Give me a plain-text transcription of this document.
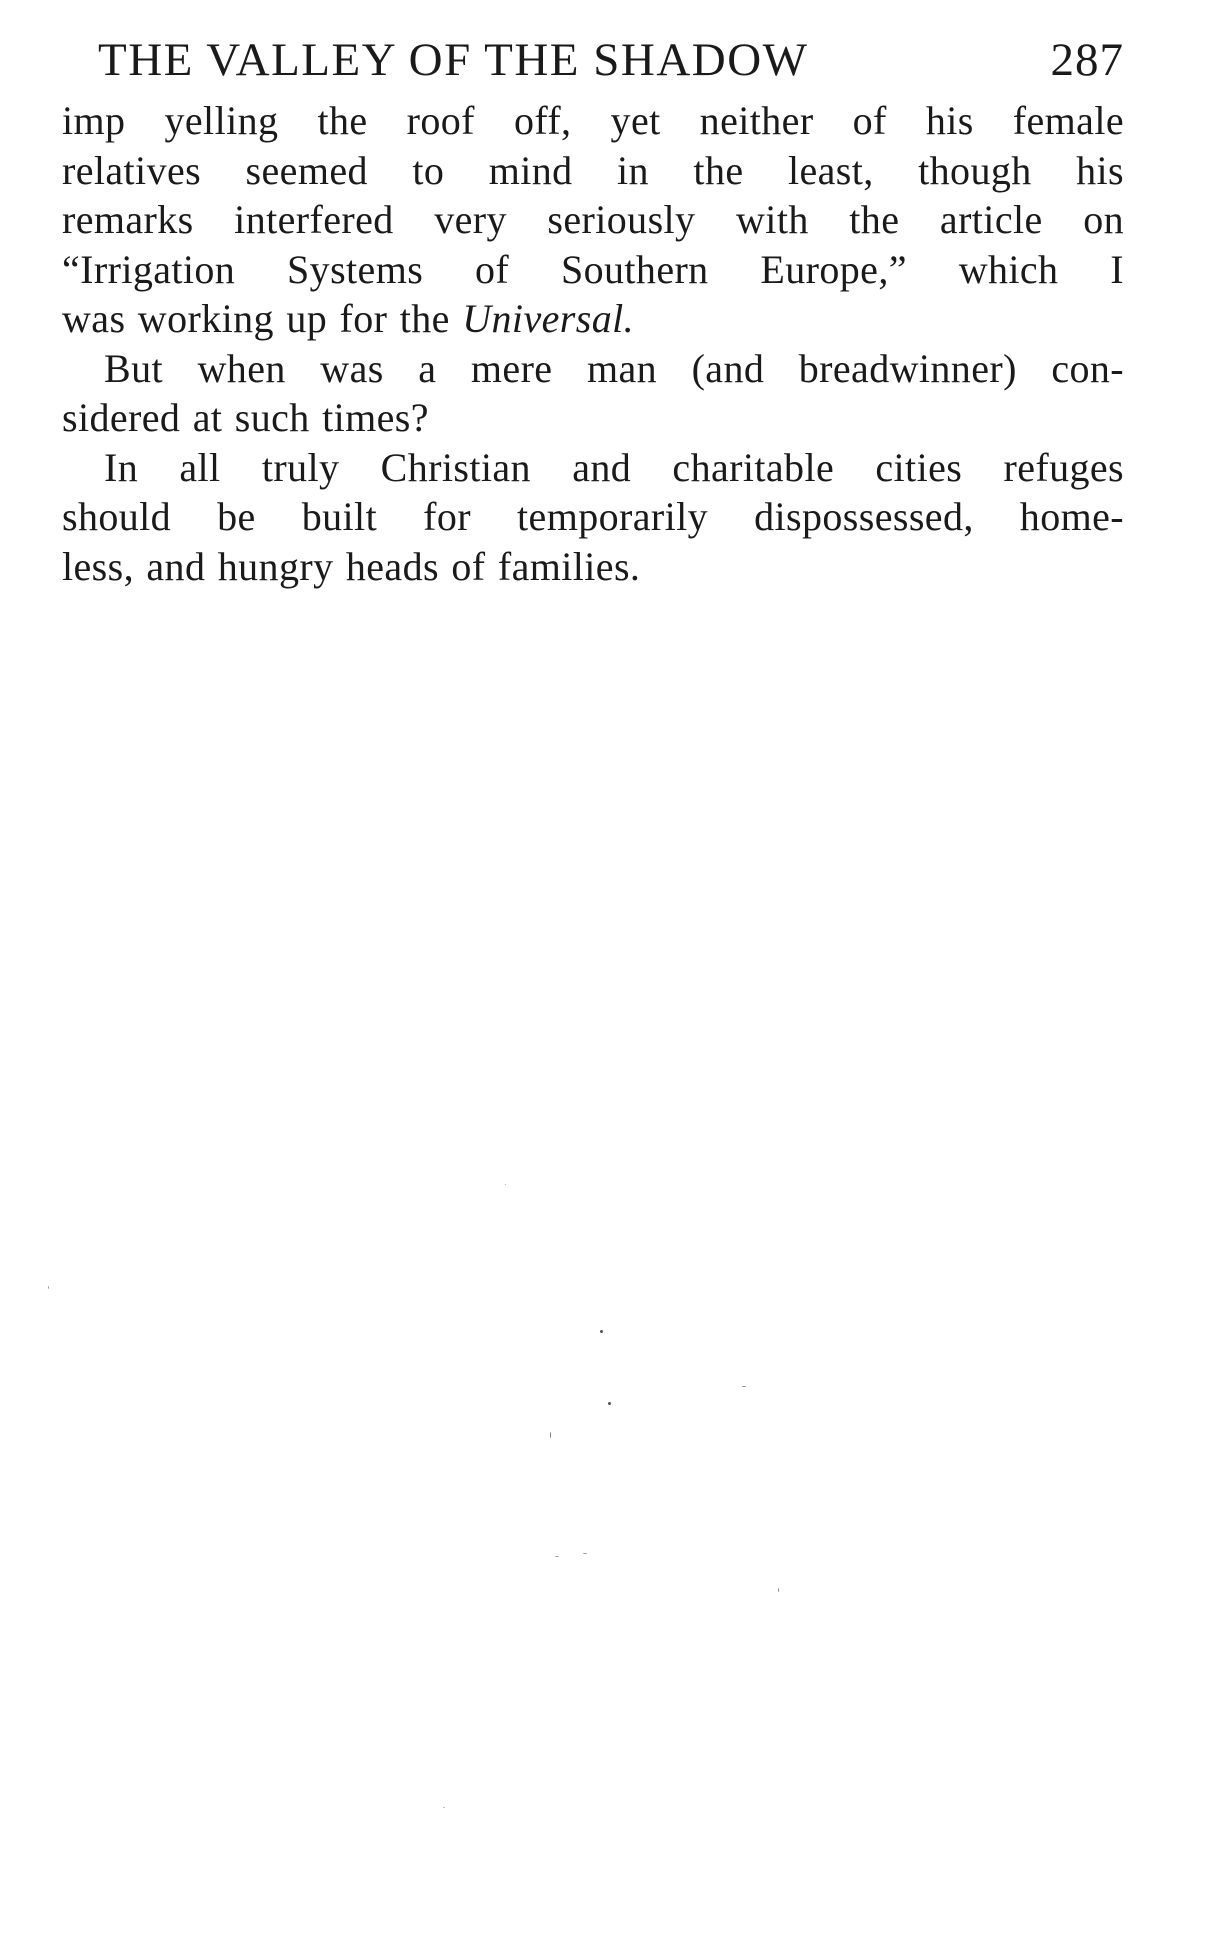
THE VALLEY OF THE SHADOW	287

imp yelling the roof off, yet neither of his female
relatives seemed to mind in the least, though his
remarks interfered very seriously with the article on
“Irrigation Systems of Southern Europe,” which I
was working up for the Universal.

But when was a mere man (and breadwinner) con-
sidered at such times?

In all truly Christian and charitable cities refuges
should be built for temporarily dispossessed, home-
less, and hungry heads of families.
